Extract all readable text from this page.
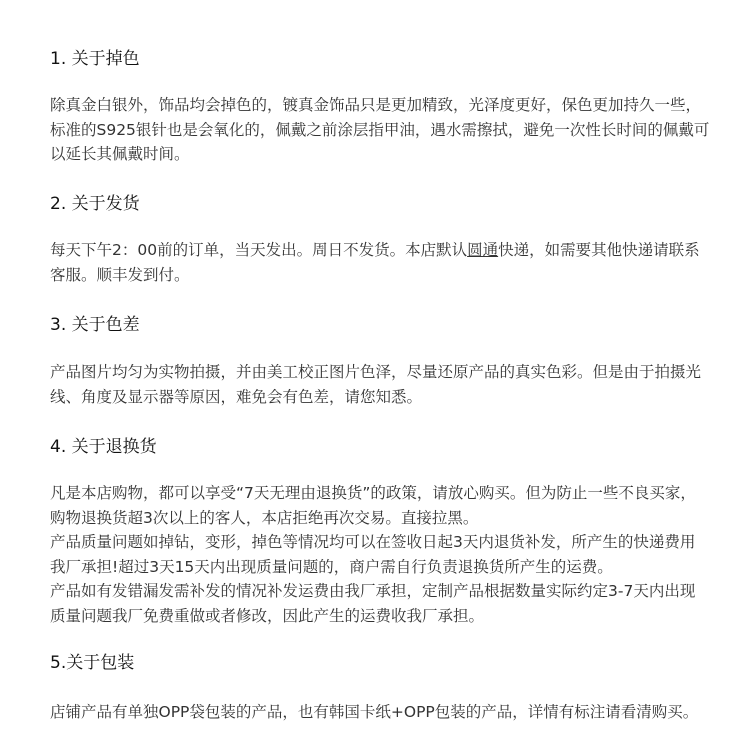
1. 关于掉色

除真金白银外，饰品均会掉色的，镀真金饰品只是更加精致，光泽度更好，保色更加持久一些，标准的S925银针也是会氧化的，佩戴之前涂层指甲油，遇水需擦拭，避免一次性长时间的佩戴可以延长其佩戴时间。

2. 关于发货

每天下午2：00前的订单，当天发出。周日不发货。本店默认圆通快递，如需要其他快递请联系客服。顺丰发到付。

3. 关于色差

产品图片均匀为实物拍摄，并由美工校正图片色泽，尽量还原产品的真实色彩。但是由于拍摄光线、角度及显示器等原因，难免会有色差，请您知悉。

4. 关于退换货

凡是本店购物，都可以享受“7天无理由退换货”的政策，请放心购买。但为防止一些不良买家，购物退换货超3次以上的客人，本店拒绝再次交易。直接拉黑。

产品质量问题如掉钻，变形，掉色等情况均可以在签收日起3天内退货补发，所产生的快递费用我厂承担!超过3天15天内出现质量问题的，商户需自行负责退换货所产生的运费。

产品如有发错漏发需补发的情况补发运费由我厂承担，定制产品根据数量实际约定3-7天内出现质量问题我厂免费重做或者修改，因此产生的运费收我厂承担。

5.关于包装

店铺产品有单独OPP袋包装的产品，也有韩国卡纸+OPP包装的产品，详情有标注请看清购买。
